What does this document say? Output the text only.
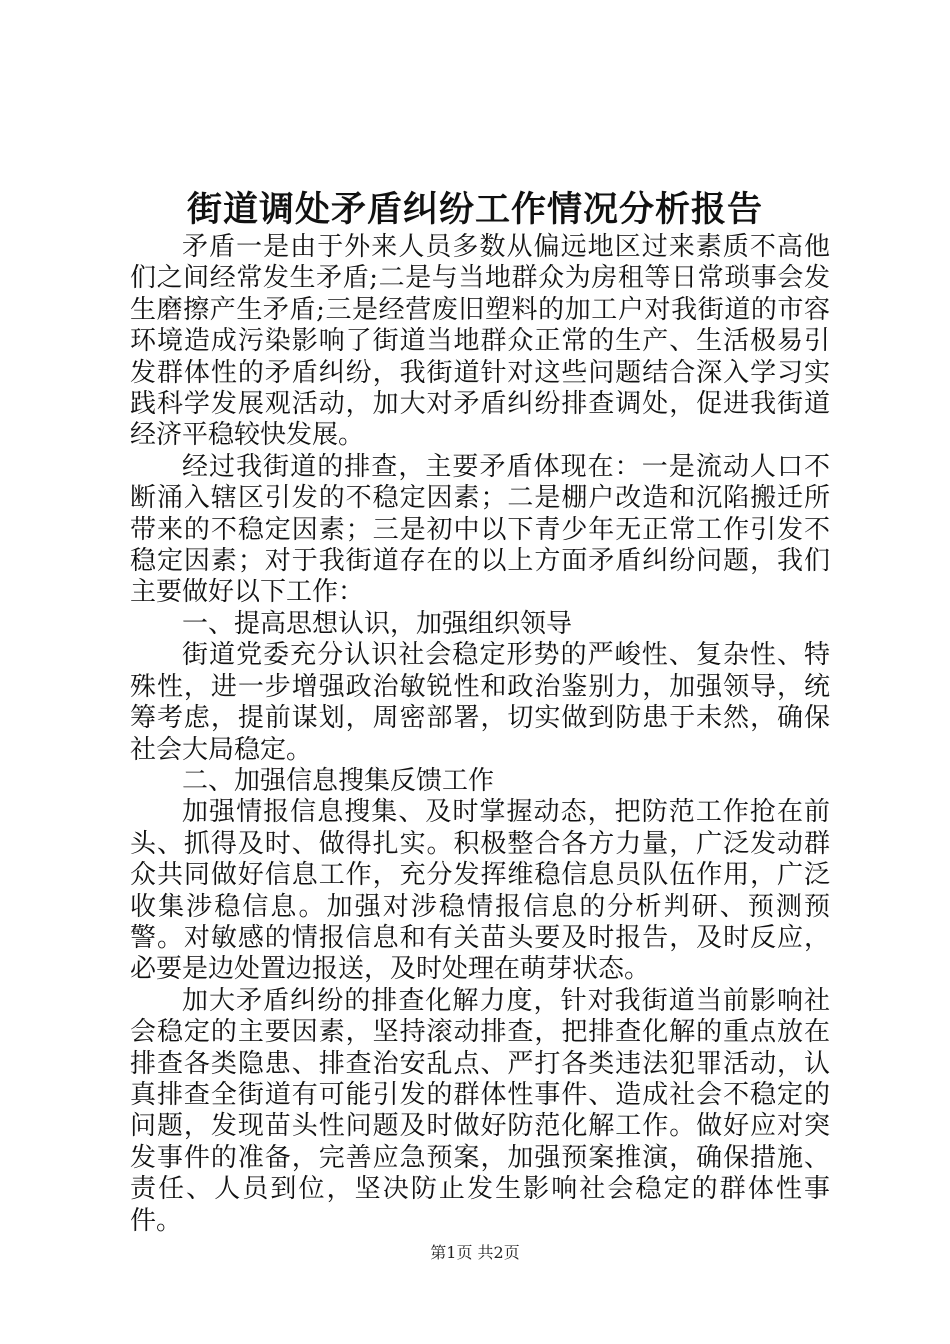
街道调处矛盾纠纷工作情况分析报告

矛盾一是由于外来人员多数从偏远地区过来素质不高他们之间经常发生矛盾;二是与当地群众为房租等日常琐事会发生磨擦产生矛盾;三是经营废旧塑料的加工户对我街道的市容环境造成污染影响了街道当地群众正常的生产、生活极易引发群体性的矛盾纠纷，我街道针对这些问题结合深入学习实践科学发展观活动，加大对矛盾纠纷排查调处，促进我街道经济平稳较快发展。

经过我街道的排查，主要矛盾体现在：一是流动人口不断涌入辖区引发的不稳定因素；二是棚户改造和沉陷搬迁所带来的不稳定因素；三是初中以下青少年无正常工作引发不稳定因素；对于我街道存在的以上方面矛盾纠纷问题，我们主要做好以下工作：

一、提高思想认识，加强组织领导

街道党委充分认识社会稳定形势的严峻性、复杂性、特殊性，进一步增强政治敏锐性和政治鉴别力，加强领导，统筹考虑，提前谋划，周密部署，切实做到防患于未然，确保社会大局稳定。

二、加强信息搜集反馈工作

加强情报信息搜集、及时掌握动态，把防范工作抢在前头、抓得及时、做得扎实。积极整合各方力量，广泛发动群众共同做好信息工作，充分发挥维稳信息员队伍作用，广泛收集涉稳信息。加强对涉稳情报信息的分析判研、预测预警。对敏感的情报信息和有关苗头要及时报告，及时反应，必要是边处置边报送，及时处理在萌芽状态。

加大矛盾纠纷的排查化解力度，针对我街道当前影响社会稳定的主要因素，坚持滚动排查，把排查化解的重点放在排查各类隐患、排查治安乱点、严打各类违法犯罪活动，认真排查全街道有可能引发的群体性事件、造成社会不稳定的问题，发现苗头性问题及时做好防范化解工作。做好应对突发事件的准备，完善应急预案，加强预案推演，确保措施、责任、人员到位，坚决防止发生影响社会稳定的群体性事件。

第1页 共2页
